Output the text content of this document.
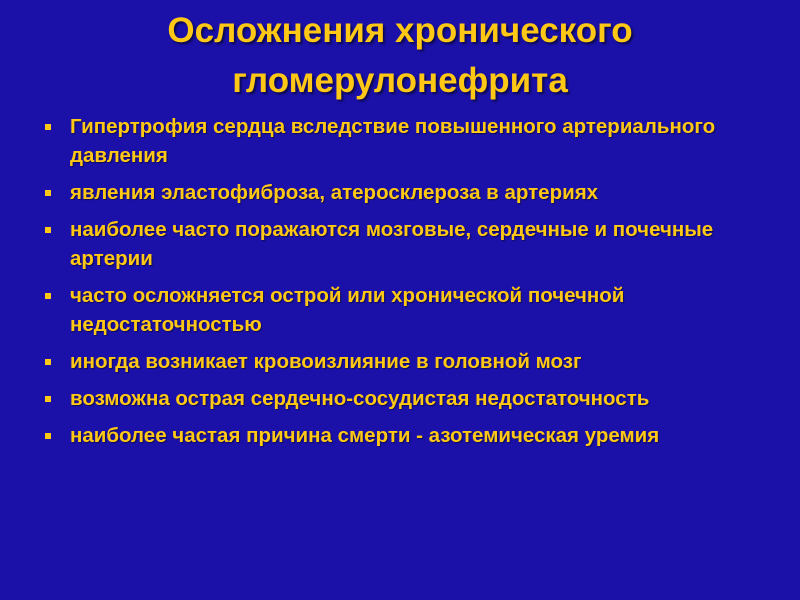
Осложнения хронического
гломерулонефрита
Гипертрофия сердца вследствие повышенного артериального давления
явления эластофиброза, атеросклероза в артериях
наиболее часто поражаются мозговые, сердечные и почечные артерии
часто осложняется острой или хронической почечной недостаточностью
иногда возникает кровоизлияние в головной мозг
возможна острая сердечно-сосудистая недостаточность
наиболее частая причина смерти - азотемическая уремия
